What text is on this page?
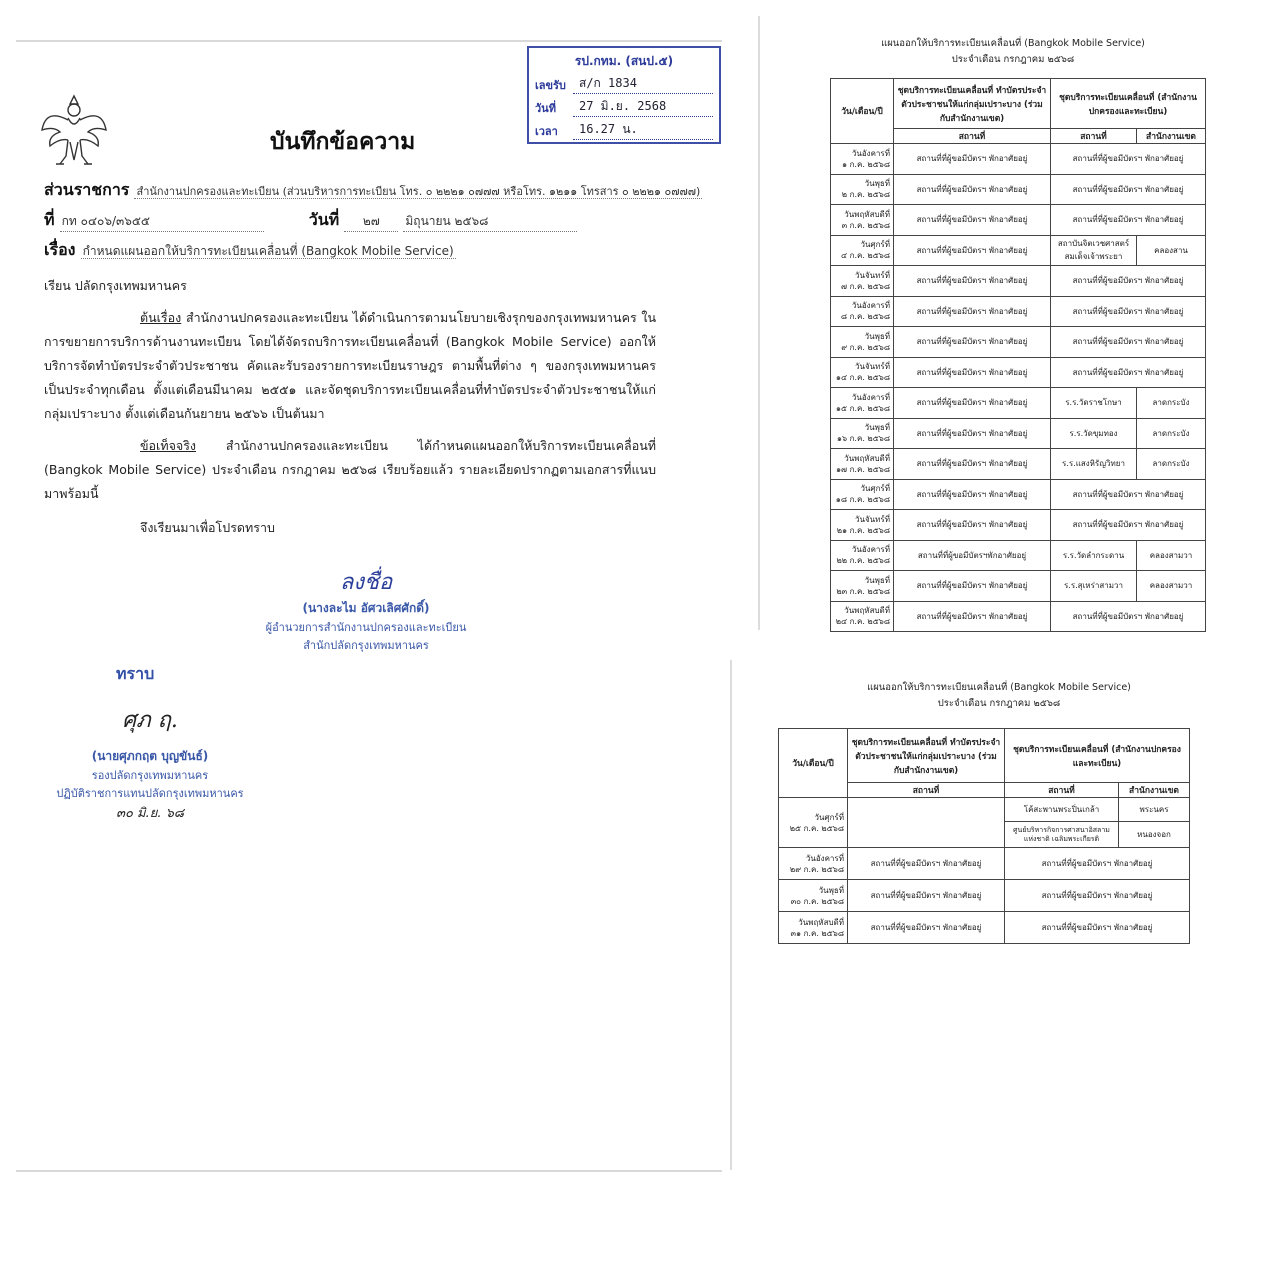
บันทึกข้อความ
รป.กทม. (สนป.๕)
เลขรับ	ส/ก 1834
วันที่	27 มิ.ย. 2568
เวลา	16.27 น.
ส่วนราชการ สำนักงานปกครองและทะเบียน (ส่วนบริหารการทะเบียน โทร. ๐ ๒๒๒๑ ๐๗๗๗ หรือโทร. ๑๒๑๑ โทรสาร ๐ ๒๒๒๑ ๐๗๗๗)
ที่ กท ๐๔๐๖/๓๖๕๕	วันที่ ๒๗ มิถุนายน ๒๕๖๘
เรื่อง กำหนดแผนออกให้บริการทะเบียนเคลื่อนที่ (Bangkok Mobile Service)
เรียน ปลัดกรุงเทพมหานคร
ต้นเรื่อง สำนักงานปกครองและทะเบียน ได้ดำเนินการตามนโยบายเชิงรุกของกรุงเทพมหานคร ในการขยายการบริการด้านงานทะเบียน โดยได้จัดรถบริการทะเบียนเคลื่อนที่ (Bangkok Mobile Service) ออกให้บริการจัดทำบัตรประจำตัวประชาชน คัดและรับรองรายการทะเบียนราษฎร ตามพื้นที่ต่าง ๆ ของกรุงเทพมหานครเป็นประจำทุกเดือน ตั้งแต่เดือนมีนาคม ๒๕๕๑ และจัดชุดบริการทะเบียนเคลื่อนที่ทำบัตรประจำตัวประชาชนให้แก่กลุ่มเปราะบาง ตั้งแต่เดือนกันยายน ๒๕๖๖ เป็นต้นมา
ข้อเท็จจริง สำนักงานปกครองและทะเบียน ได้กำหนดแผนออกให้บริการทะเบียนเคลื่อนที่ (Bangkok Mobile Service) ประจำเดือน กรกฎาคม ๒๕๖๘ เรียบร้อยแล้ว รายละเอียดปรากฏตามเอกสารที่แนบมาพร้อมนี้
จึงเรียนมาเพื่อโปรดทราบ
ลงชื่อ
(นางละไม อัศวเลิศศักดิ์)
ผู้อำนวยการสำนักงานปกครองและทะเบียน
สำนักปลัดกรุงเทพมหานคร
ทราบ
ศุภ ฤ.
(นายศุภกฤต บุญขันธ์)
รองปลัดกรุงเทพมหานคร
ปฏิบัติราชการแทนปลัดกรุงเทพมหานคร
๓๐ มิ.ย. ๖๘
แผนออกให้บริการทะเบียนเคลื่อนที่ (Bangkok Mobile Service)
ประจำเดือน กรกฎาคม ๒๕๖๘
วัน/เดือน/ปี	ชุดบริการทะเบียนเคลื่อนที่ ทำบัตรประจำตัวประชาชนให้แก่กลุ่มเปราะบาง (ร่วมกับสำนักงานเขต)	ชุดบริการทะเบียนเคลื่อนที่ (สำนักงานปกครองและทะเบียน)	
	สถานที่	สถานที่	สำนักงานเขต

วันอังคารที่
๑ ก.ค. ๒๕๖๘	สถานที่ที่ผู้ขอมีบัตรฯ พักอาศัยอยู่	สถานที่ที่ผู้ขอมีบัตรฯ พักอาศัยอยู่	

วันพุธที่
๒ ก.ค. ๒๕๖๘	สถานที่ที่ผู้ขอมีบัตรฯ พักอาศัยอยู่	สถานที่ที่ผู้ขอมีบัตรฯ พักอาศัยอยู่	

วันพฤหัสบดีที่
๓ ก.ค. ๒๕๖๘	สถานที่ที่ผู้ขอมีบัตรฯ พักอาศัยอยู่	สถานที่ที่ผู้ขอมีบัตรฯ พักอาศัยอยู่	

วันศุกร์ที่
๔ ก.ค. ๒๕๖๘	สถานที่ที่ผู้ขอมีบัตรฯ พักอาศัยอยู่	สถาบันจิตเวชศาสตร์ สมเด็จเจ้าพระยา	คลองสาน

วันจันทร์ที่
๗ ก.ค. ๒๕๖๘	สถานที่ที่ผู้ขอมีบัตรฯ พักอาศัยอยู่	สถานที่ที่ผู้ขอมีบัตรฯ พักอาศัยอยู่	

วันอังคารที่
๘ ก.ค. ๒๕๖๘	สถานที่ที่ผู้ขอมีบัตรฯ พักอาศัยอยู่	สถานที่ที่ผู้ขอมีบัตรฯ พักอาศัยอยู่	

วันพุธที่
๙ ก.ค. ๒๕๖๘	สถานที่ที่ผู้ขอมีบัตรฯ พักอาศัยอยู่	สถานที่ที่ผู้ขอมีบัตรฯ พักอาศัยอยู่	

วันจันทร์ที่
๑๔ ก.ค. ๒๕๖๘	สถานที่ที่ผู้ขอมีบัตรฯ พักอาศัยอยู่	สถานที่ที่ผู้ขอมีบัตรฯ พักอาศัยอยู่	

วันอังคารที่
๑๕ ก.ค. ๒๕๖๘	สถานที่ที่ผู้ขอมีบัตรฯ พักอาศัยอยู่	ร.ร.วัดราชโกษา	ลาดกระบัง

วันพุธที่
๑๖ ก.ค. ๒๕๖๘	สถานที่ที่ผู้ขอมีบัตรฯ พักอาศัยอยู่	ร.ร.วัดขุมทอง	ลาดกระบัง

วันพฤหัสบดีที่
๑๗ ก.ค. ๒๕๖๘	สถานที่ที่ผู้ขอมีบัตรฯ พักอาศัยอยู่	ร.ร.แสงหิรัญวิทยา	ลาดกระบัง

วันศุกร์ที่
๑๘ ก.ค. ๒๕๖๘	สถานที่ที่ผู้ขอมีบัตรฯ พักอาศัยอยู่	สถานที่ที่ผู้ขอมีบัตรฯ พักอาศัยอยู่	

วันจันทร์ที่
๒๑ ก.ค. ๒๕๖๘	สถานที่ที่ผู้ขอมีบัตรฯ พักอาศัยอยู่	สถานที่ที่ผู้ขอมีบัตรฯ พักอาศัยอยู่	

วันอังคารที่
๒๒ ก.ค. ๒๕๖๘	สถานที่ที่ผู้ขอมีบัตรฯพักอาศัยอยู่	ร.ร.วัดลำกระดาน	คลองสามวา

วันพุธที่
๒๓ ก.ค. ๒๕๖๘	สถานที่ที่ผู้ขอมีบัตรฯ พักอาศัยอยู่	ร.ร.สุเหร่าสามวา	คลองสามวา

วันพฤหัสบดีที่
๒๔ ก.ค. ๒๕๖๘	สถานที่ที่ผู้ขอมีบัตรฯ พักอาศัยอยู่	สถานที่ที่ผู้ขอมีบัตรฯ พักอาศัยอยู่	
แผนออกให้บริการทะเบียนเคลื่อนที่ (Bangkok Mobile Service)
ประจำเดือน กรกฎาคม ๒๕๖๘
วัน/เดือน/ปี	ชุดบริการทะเบียนเคลื่อนที่ ทำบัตรประจำตัวประชาชนให้แก่กลุ่มเปราะบาง (ร่วมกับสำนักงานเขต)	ชุดบริการทะเบียนเคลื่อนที่ (สำนักงานปกครองและทะเบียน)	
	สถานที่	สถานที่	สำนักงานเขต

วันศุกร์ที่
๒๕ ก.ค. ๒๕๖๘		โค้สะพานพระปิ่นเกล้า	พระนคร
		ศูนย์บริหารกิจการศาสนาอิสลามแห่งชาติ เฉลิมพระเกียรติ	หนองจอก

วันอังคารที่
๒๙ ก.ค. ๒๕๖๘	สถานที่ที่ผู้ขอมีบัตรฯ พักอาศัยอยู่	สถานที่ที่ผู้ขอมีบัตรฯ พักอาศัยอยู่	

วันพุธที่
๓๐ ก.ค. ๒๕๖๘	สถานที่ที่ผู้ขอมีบัตรฯ พักอาศัยอยู่	สถานที่ที่ผู้ขอมีบัตรฯ พักอาศัยอยู่	

วันพฤหัสบดีที่
๓๑ ก.ค. ๒๕๖๘	สถานที่ที่ผู้ขอมีบัตรฯ พักอาศัยอยู่	สถานที่ที่ผู้ขอมีบัตรฯ พักอาศัยอยู่	
